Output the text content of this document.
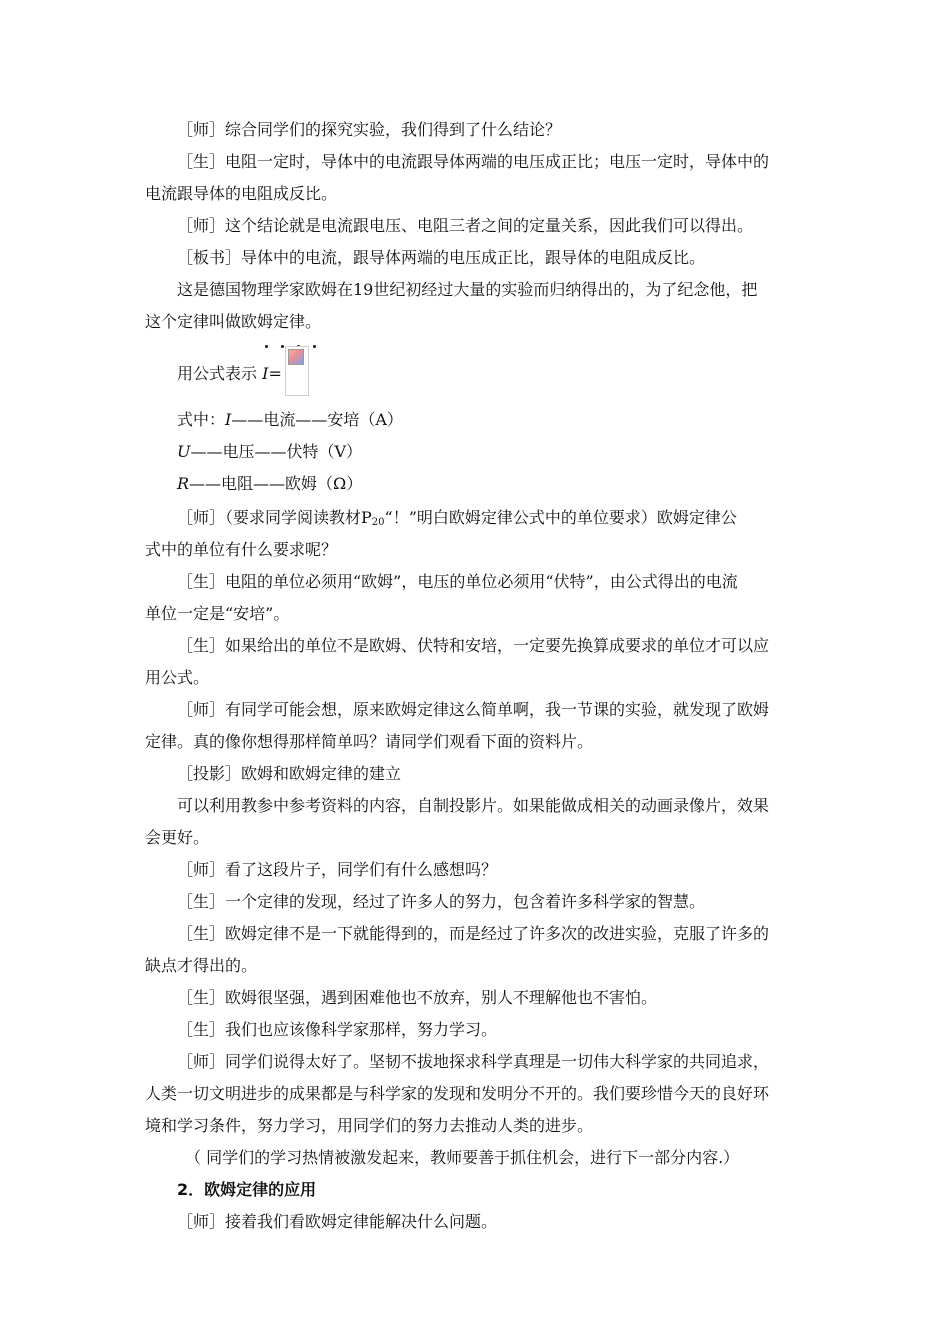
［师］综合同学们的探究实验，我们得到了什么结论？

［生］电阻一定时，导体中的电流跟导体两端的电压成正比；电压一定时，导体中的

电流跟导体的电阻成反比。

［师］这个结论就是电流跟电压、电阻三者之间的定量关系，因此我们可以得出。

［板书］导体中的电流，跟导体两端的电压成正比，跟导体的电阻成反比。

这是德国物理学家欧姆在19世纪初经过大量的实验而归纳得出的，为了纪念他，把

这个定律叫做欧姆定律。

用公式表示 I=

式中：I——电流——安培（A）

U——电压——伏特（V）

R——电阻——欧姆（Ω）

［师］（要求同学阅读教材$P_{20}“$！”明白欧姆定律公式中的单位要求）欧姆定律公

式中的单位有什么要求呢？

［生］电阻的单位必须用“欧姆”，电压的单位必须用“伏特”，由公式得出的电流

单位一定是“安培”。

［生］如果给出的单位不是欧姆、伏特和安培，一定要先换算成要求的单位才可以应

用公式。

［师］有同学可能会想，原来欧姆定律这么简单啊，我一节课的实验，就发现了欧姆

定律。真的像你想得那样简单吗？请同学们观看下面的资料片。

［投影］欧姆和欧姆定律的建立

可以利用教参中参考资料的内容，自制投影片。如果能做成相关的动画录像片，效果

会更好。

［师］看了这段片子，同学们有什么感想吗？

［生］一个定律的发现，经过了许多人的努力，包含着许多科学家的智慧。

［生］欧姆定律不是一下就能得到的，而是经过了许多次的改进实验，克服了许多的

缺点才得出的。

［生］欧姆很坚强，遇到困难他也不放弃，别人不理解他也不害怕。

［生］我们也应该像科学家那样，努力学习。

［师］同学们说得太好了。坚韧不拔地探求科学真理是一切伟大科学家的共同追求，

人类一切文明进步的成果都是与科学家的发现和发明分不开的。我们要珍惜今天的良好环

境和学习条件，努力学习，用同学们的努力去推动人类的进步。

（ 同学们的学习热情被激发起来，教师要善于抓住机会，进行下一部分内容.）

2．欧姆定律的应用

［师］接着我们看欧姆定律能解决什么问题。
